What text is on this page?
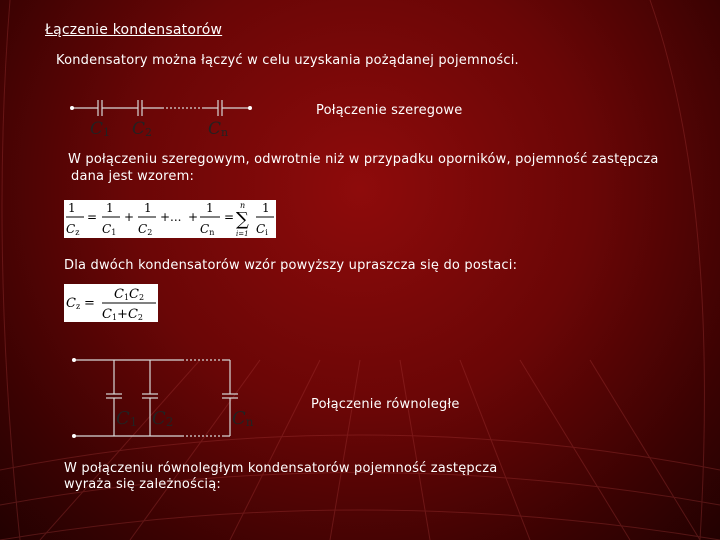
Łączenie kondensatorów
Kondensatory można łączyć w celu uzyskania pożądanej pojemności.
C1 C2	Cn
Połączenie szeregowe
W połączeniu szeregowym, odwrotnie niż w przypadku oporników, pojemność zastępcza
dana jest wzorem:
1
Cz
=
1
C1
+
1
C2
+ ... +
1
Cn
=
n
∑
i=1
1
Ci
Dla dwóch kondensatorów wzór powyższy upraszcza się do postaci:
Cz =
C1C2
C1+C2
C1 C2	Cn
Połączenie równoległe
W połączeniu równoległym kondensatorów pojemność zastępcza
wyraża się zależnością:
